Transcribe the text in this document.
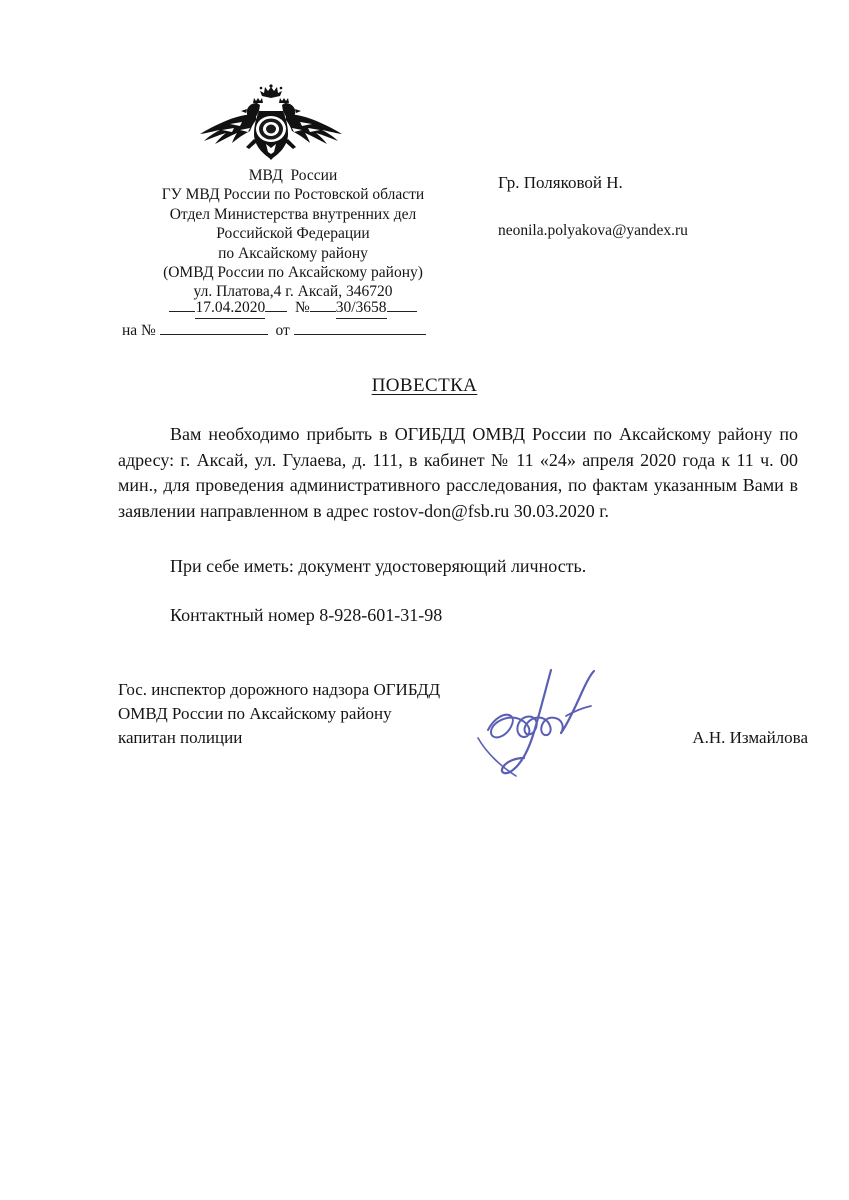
МВД  России
ГУ МВД России по Ростовской области
Отдел Министерства внутренних дел
Российской Федерации
по Аксайскому району
(ОМВД России по Аксайскому району)
ул. Платова,4 г. Аксай, 346720
17.04.2020 № 30/3658
на №	от
Гр. Поляковой Н.
neonila.polyakova@yandex.ru
ПОВЕСТКА

Вам необходимо прибыть в ОГИБДД ОМВД России по Аксайскому району по адресу: г. Аксай, ул. Гулаева, д. 111, в кабинет № 11 «24» апреля 2020 года к 11 ч. 00 мин., для проведения административного расследования, по фактам указанным Вами в заявлении направленном в адрес rostov-don@fsb.ru 30.03.2020 г.

При себе иметь: документ удостоверяющий личность.

Контактный номер 8-928-601-31-98

Гос. инспектор дорожного надзора ОГИБДД
ОМВД России по Аксайскому району
капитан полиции	А.Н. Измайлова
